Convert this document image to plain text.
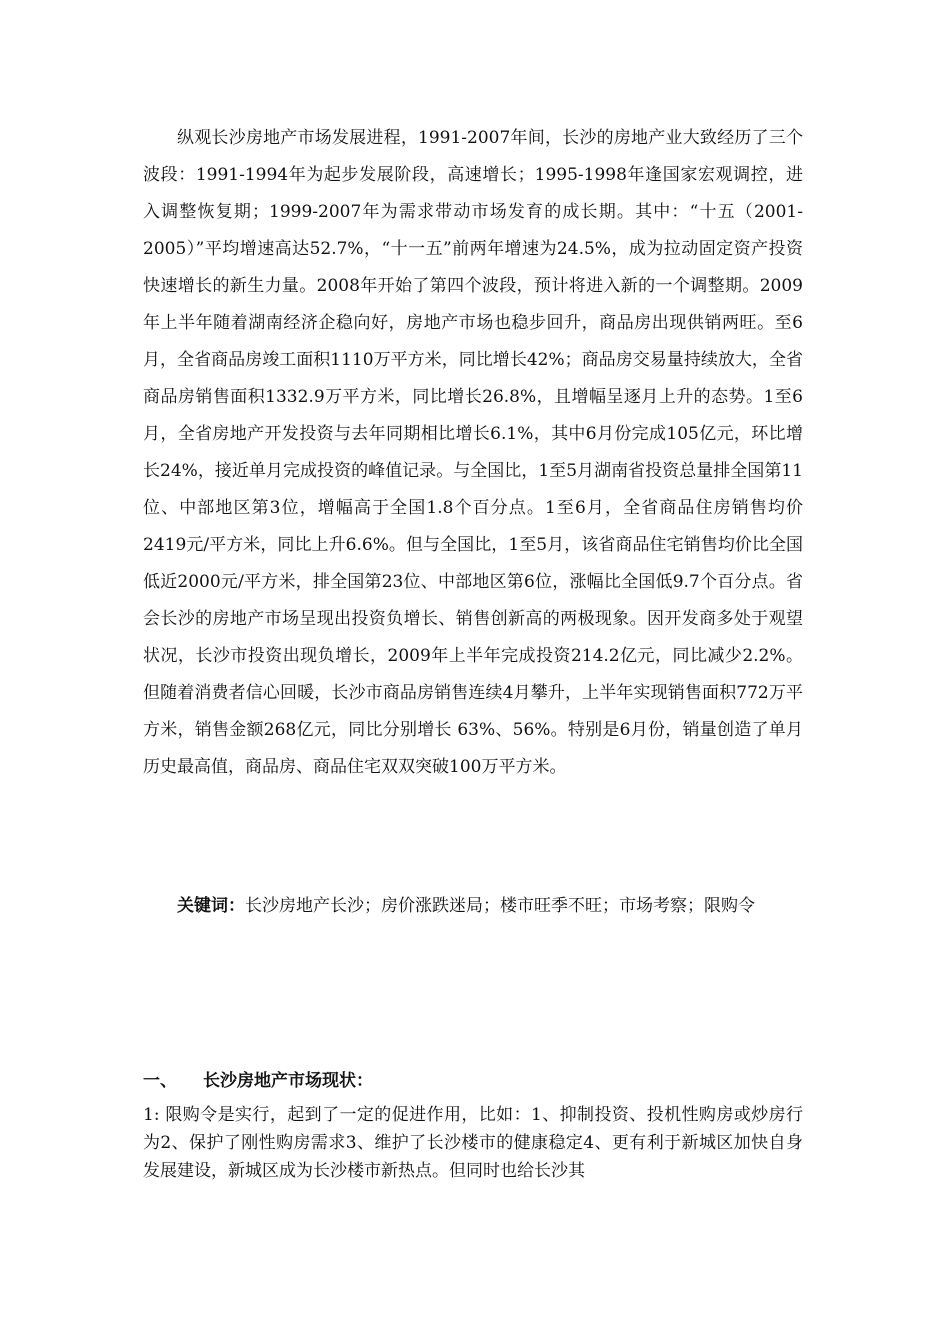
纵观长沙房地产市场发展进程，1991-2007年间，长沙的房地产业大致经历了三个波段：1991-1994年为起步发展阶段，高速增长；1995-1998年逢国家宏观调控，进入调整恢复期；1999-2007年为需求带动市场发育的成长期。其中：“十五（2001-2005）”平均增速高达52.7%，“十一五”前两年增速为24.5%，成为拉动固定资产投资快速增长的新生力量。2008年开始了第四个波段，预计将进入新的一个调整期。2009年上半年随着湖南经济企稳向好，房地产市场也稳步回升，商品房出现供销两旺。至6月，全省商品房竣工面积1110万平方米，同比增长42%；商品房交易量持续放大，全省商品房销售面积1332.9万平方米，同比增长26.8%，且增幅呈逐月上升的态势。1至6月，全省房地产开发投资与去年同期相比增长6.1%，其中6月份完成105亿元，环比增长24%，接近单月完成投资的峰值记录。与全国比，1至5月湖南省投资总量排全国第11位、中部地区第3位，增幅高于全国1.8个百分点。1至6月，全省商品住房销售均价2419元/平方米，同比上升6.6%。但与全国比，1至5月，该省商品住宅销售均价比全国低近2000元/平方米，排全国第23位、中部地区第6位，涨幅比全国低9.7个百分点。省会长沙的房地产市场呈现出投资负增长、销售创新高的两极现象。因开发商多处于观望状况，长沙市投资出现负增长，2009年上半年完成投资214.2亿元，同比减少2.2%。但随着消费者信心回暖，长沙市商品房销售连续4月攀升，上半年实现销售面积772万平方米，销售金额268亿元，同比分别增长 63%、56%。特别是6月份，销量创造了单月历史最高值，商品房、商品住宅双双突破100万平方米。

关键词：长沙房地产长沙；房价涨跌迷局；楼市旺季不旺；市场考察；限购令

一、 长沙房地产市场现状：

1: 限购令是实行，起到了一定的促进作用，比如：1、抑制投资、投机性购房或炒房行为2、保护了刚性购房需求3、维护了长沙楼市的健康稳定4、更有利于新城区加快自身发展建设，新城区成为长沙楼市新热点。但同时也给长沙其
